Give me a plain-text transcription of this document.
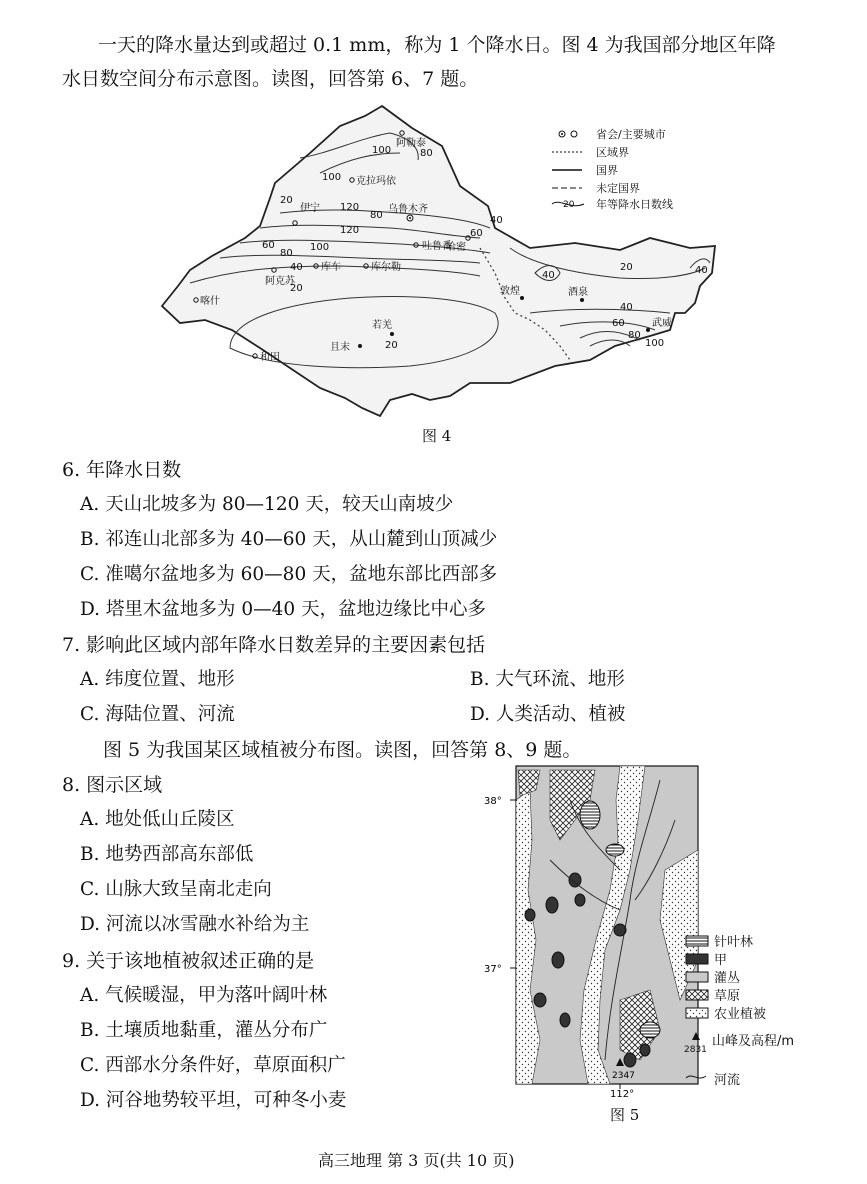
一天的降水量达到或超过 0.1 mm，称为 1 个降水日。图 4 为我国部分地区年降
水日数空间分布示意图。读图，回答第 6、7 题。
100	80
100
120
80
120
40
60
80
60	100
40
20
40
20	40
20
40
60
80
100
20
阿勒泰
克拉玛依
乌鲁木齐
伊宁
吐鲁番
哈密
库车	库尔勒
阿克苏
喀什
敦煌	酒泉
武威
若羌
且末
和田
省会/主要城市
区域界
国界
未定国界
20 年等降水日数线
图 4
6. 年降水日数
A. 天山北坡多为 80—120 天，较天山南坡少
B. 祁连山北部多为 40—60 天，从山麓到山顶减少
C. 准噶尔盆地多为 60—80 天，盆地东部比西部多
D. 塔里木盆地多为 0—40 天，盆地边缘比中心多
7. 影响此区域内部年降水日数差异的主要因素包括
A. 纬度位置、地形	B. 大气环流、地形
C. 海陆位置、河流	D. 人类活动、植被
图 5 为我国某区域植被分布图。读图，回答第 8、9 题。
8. 图示区域
A. 地处低山丘陵区
B. 地势西部高东部低
C. 山脉大致呈南北走向
D. 河流以冰雪融水补给为主
9. 关于该地植被叙述正确的是
A. 气候暖湿，甲为落叶阔叶林
B. 土壤质地黏重，灌丛分布广
C. 西部水分条件好，草原面积广
D. 河谷地势较平坦，可种冬小麦
2347
38°
37°
112°
针叶林
甲
灌丛
草原
农业植被
2831
山峰及高程/m
河流
图 5
高三地理 第 3 页(共 10 页)
